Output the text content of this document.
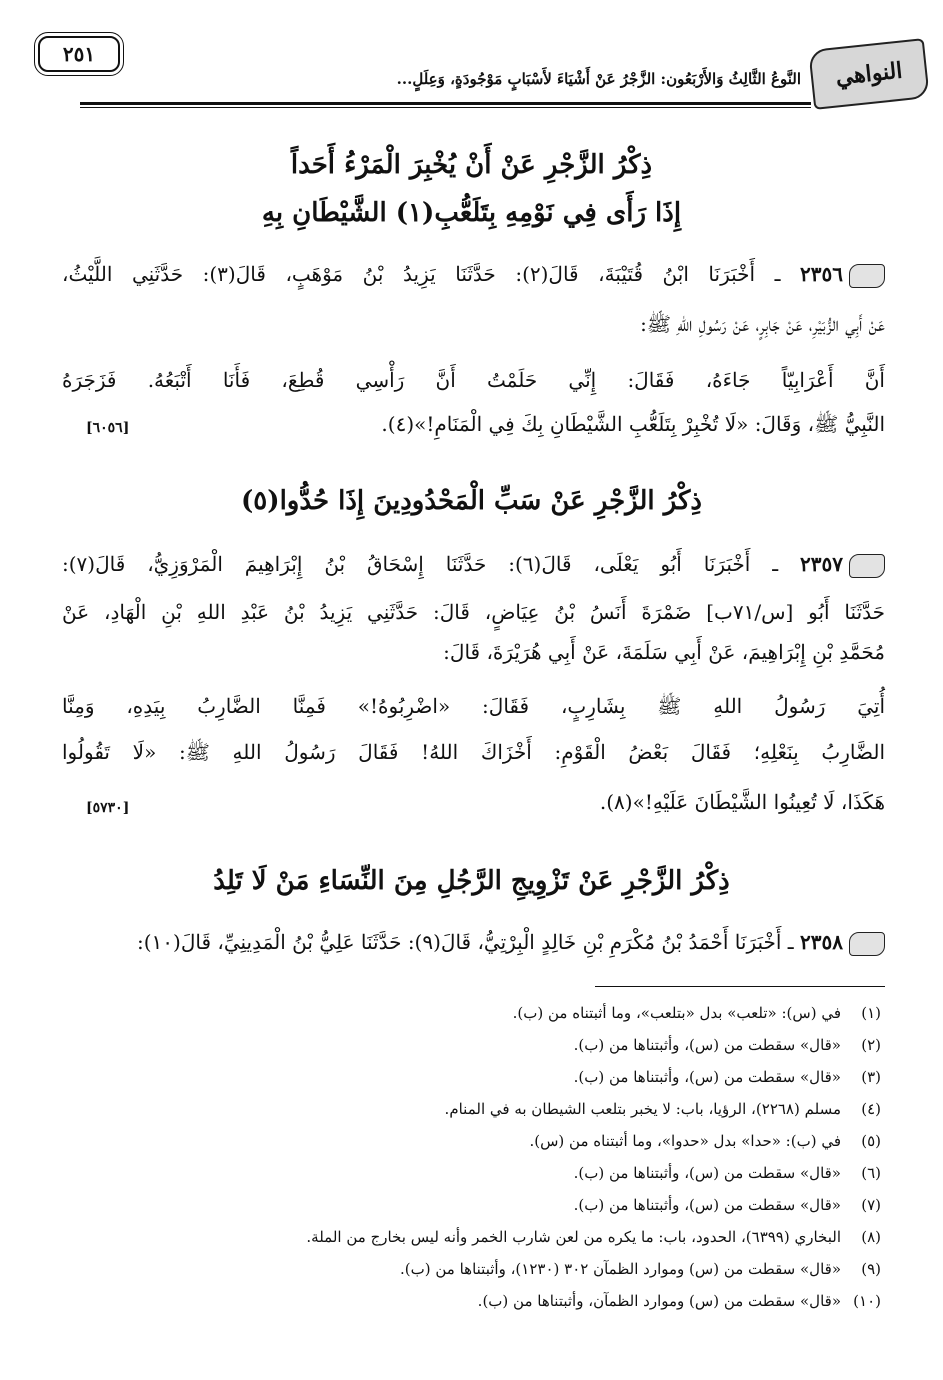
النواهي
النَّوعُ الثَّالِثُ وَالأَرْبَعُون: الزَّجْرُ عَنْ أَشْيَاءَ لأَسْبَابٍ مَوْجُودَةٍ، وَعِلَلٍ...
٢٥١
ذِكْرُ الزَّجْرِ عَنْ أَنْ يُخْبِرَ الْمَرْءُ أَحَداً
إِذَا رَأَى فِي نَوْمِهِ بِتَلَعُّبِ(١) الشَّيْطَانِ بِهِ
٢٣٥٦ ـ أَخْبَرَنَا ابْنُ قُتَيْبَةَ، قَالَ(٢): حَدَّثَنَا يَزِيدُ بْنُ مَوْهَبٍ، قَالَ(٣): حَدَّثَنِي اللَّيْثُ،
عَنْ أَبِي الزُّبَيْرِ، عَنْ جَابِرٍ، عَنْ رَسُولِ اللهِ ﷺ:
أَنَّ أَعْرَابِيّاً جَاءَهُ، فَقَالَ: إِنِّي حَلَمْتُ أَنَّ رَأْسِي قُطِعَ، فَأَنَا أَتْبَعُهُ. فَزَجَرَهُ
النَّبِيُّ ﷺ، وَقَالَ: «لَا تُخْبِرْ بِتَلَعُّبِ الشَّيْطَانِ بِكَ فِي الْمَنَامِ!»(٤).
[٦٠٥٦]
ذِكْرُ الزَّجْرِ عَنْ سَبِّ الْمَحْدُودِينَ إِذَا حُدُّوا(٥)
٢٣٥٧ ـ أَخْبَرَنَا أَبُو يَعْلَى، قَالَ(٦): حَدَّثَنَا إِسْحَاقُ بْنُ إِبْرَاهِيمَ الْمَرْوَزِيُّ، قَالَ(٧):
حَدَّثَنَا أَبُو [س/٧١ب] ضَمْرَةَ أَنَسُ بْنُ عِيَاضٍ، قَالَ: حَدَّثَنِي يَزِيدُ بْنُ عَبْدِ اللهِ بْنِ الْهَادِ، عَنْ
مُحَمَّدِ بْنِ إِبْرَاهِيمَ، عَنْ أَبِي سَلَمَةَ، عَنْ أَبِي هُرَيْرَةَ، قَالَ:
أُتِيَ رَسُولُ اللهِ ﷺ بِشَارِبٍ، فَقَالَ: «اضْرِبُوهُ!» فَمِنَّا الضَّارِبُ بِيَدِهِ، وَمِنَّا
الضَّارِبُ بِنَعْلِهِ؛ فَقَالَ بَعْضُ الْقَوْمِ: أَخْزَاكَ اللهُ! فَقَالَ رَسُولُ اللهِ ﷺ: «لَا تَقُولُوا
هَكَذَا، لَا تُعِينُوا الشَّيْطَانَ عَلَيْهِ!»(٨).
[٥٧٣٠]
ذِكْرُ الزَّجْرِ عَنْ تَزْوِيجِ الرَّجُلِ مِنَ النِّسَاءِ مَنْ لَا تَلِدُ
٢٣٥٨ ـ أَخْبَرَنَا أَحْمَدُ بْنُ مُكْرَمِ بْنِ خَالِدٍ الْبِرْتِيُّ، قَالَ(٩): حَدَّثَنَا عَلِيُّ بْنُ الْمَدِينِيِّ، قَالَ(١٠):
(١)في (س): «تلعب» بدل «بتلعب»، وما أثبتناه من (ب).
(٢)«قال» سقطت من (س)، وأثبتناها من (ب).
(٣)«قال» سقطت من (س)، وأثبتناها من (ب).
(٤)مسلم (٢٢٦٨)، الرؤيا، باب: لا يخبر بتلعب الشيطان به في المنام.
(٥)في (ب): «حدا» بدل «حدوا»، وما أثبتناه من (س).
(٦)«قال» سقطت من (س)، وأثبتناها من (ب).
(٧)«قال» سقطت من (س)، وأثبتناها من (ب).
(٨)البخاري (٦٣٩٩)، الحدود، باب: ما يكره من لعن شارب الخمر وأنه ليس بخارج من الملة.
(٩)«قال» سقطت من (س) وموارد الظمآن ٣٠٢ (١٢٣٠)، وأثبتناها من (ب).
(١٠)«قال» سقطت من (س) وموارد الظمآن، وأثبتناها من (ب).
